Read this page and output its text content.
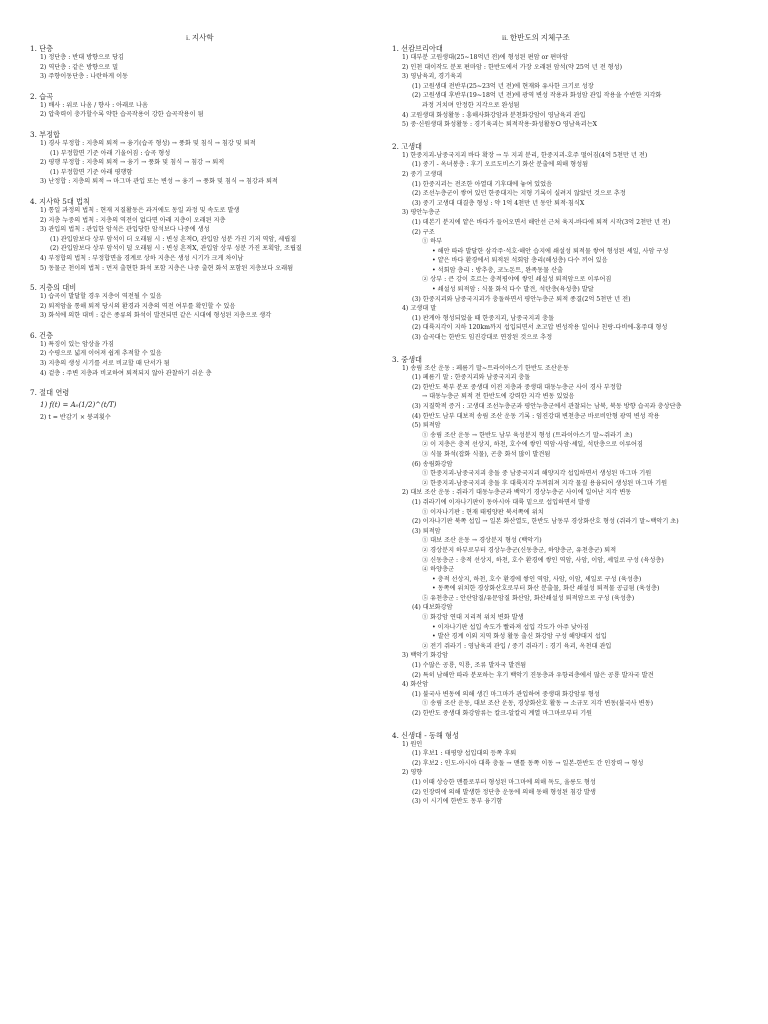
i. 지사학	ii. 한반도의 지체구조
1. 단층
1) 정단층 : 반대 방향으로 당김
2) 역단층 : 같은 방향으로 밀
3) 주향이동단층 : 나란하게 이동
2. 습곡
1) 배사 : 위로 나옴 / 향사 : 아래로 나옴
2) 압축력이 충가할수록 약한 습곡작용이 강한 습곡작용이 됨
3. 부정합
1) 경사 부정합 : 지층의 퇴적 → 융기(습곡 형성) → 풍화 및 침식 → 침강 및 퇴적
(1) 부정합면 기준 아래 기울어짐 : 습곡 형성
2) 평행 부정합 : 지층의 퇴적 → 융기 → 풍화 및 침식 → 침강 → 퇴적
(1) 부정합면 기준 아래 평행함
3) 난정합 : 지층의 퇴적 → 마그마 관입 또는 변성 → 융기 → 풍화 및 침식 → 침강과 퇴적
4. 지사학 5대 법칙
1) 통일 과정의 법칙 : 현재 지질활동은 과거에도 동일 과정 및 속도로 발생
2) 지층 누중의 법칙 : 지층의 역전이 없다면 아래 지층이 오래된 지층
3) 관입의 법칙 : 관입한 암석은 관입당한 암석보다 나중에 생성
(1) 관입암보다 상부 암석이 더 오래됨 시 : 변성 흔적O, 관입암 성분 가진 기저 역암, 세립질
(2) 관입암보다 상부 암석이 덜 오래됨 시 : 변성 흔적X, 관입암 상부 성분 가진 포획암, 조립질
4) 부정합의 법칙 : 부정합면을 경계로 상하 지층은 생성 시기가 크게 차이남
5) 동물군 천이의 법칙 : 먼저 출현한 화석 포함 지층은 나중 출현 화석 포함된 지층보다 오래됨
5. 지층의 대비
1) 습곡이 발달할 경우 지층이 역전될 수 있음
2) 퇴적암을 통해 퇴적 당시의 환경과 지층의 역전 여부를 확인할 수 있음
3) 화석에 의한 대비 : 같은 종류의 화석이 발견되면 같은 시대에 형성된 지층으로 생각
6. 건층
1) 특징이 있는 암상을 가짐
2) 수평으로 넓게 이어져 쉽게 추적할 수 있음
3) 지층의 생성 시기를 서로 비교할 때 단서가 됨
4) 겉층 : 주변 지층과 비교하여 퇴적되지 않아 관찰하기 쉬운 층
7. 절대 연령
1) f(t) = A₀(1/2)^(t/T)
2) t = 반감기 × 붕괴횟수
1. 선캄브리아대
1) 대부분 고원생대(25~18억년 전)에 형성된 편암 or 편마암
2) 인천 대이작도 분포 편마암 : 한반도에서 가장 오래된 암석(약 25억 년 전 형성)
3) 영남육괴, 경기육괴
(1) 고원생대 전반부(25~23억 년 전)에 현재와 유사한 크기로 성장
(2) 고원생대 후반부(19~18억 년 전)에 광역 변성 작용과 화성암 관입 작용을 수반한 지각화
과정 거치며 안정한 지각으로 완성됨
4) 고원생대 화성활동 : 흥해사화강암과 분천화강암이 영남육괴 관입
5) 중·신원생대 화성활동 : 경기육괴는 퇴적작용·화성활동O 영남육괴는X
2. 고생대
1) 한중지괴-남중국지괴 바다 확장 → 두 지괴 분리, 한중지괴-호주 떨어짐(4억 5천만 년 전)
(1) 중기 - 옥녀봉층 : 후기 오르도비스기 화산 분출에 의해 형성됨
2) 중기 고생대
(1) 한중지괴는 전조한 아열대 기후대에 놓여 있었음
(2) 조선누층군이 쌓여 있던 한중대지는 지형 기록이 실려지 않았던 것으로 추정
(3) 중기 고생대 대결층 형성 : 약 1억 4천만 년 동안 퇴적·침식X
3) 평안누층군
(1) 데본기 분지에 얕은 바다가 들어오면서 해안선 근처 육지-바다에 퇴적 시작(3억 2천만 년 전)
(2) 구조
① 하부
• 해안 따라 발달한 삼각주·석호·해안 습지에 쇄설성 퇴적물 쌓여 형성된 셰일, 사암 구성
• 얕은 바다 환경에서 퇴적된 석회암 층리(해성층) 다수 끼어 있음
• 석회암 층리 : 방추충, 코노돈트, 완족동물 산출
② 상부 : 큰 강이 흐르는 충적평야에 쌓인 쇄설성 퇴적암으로 이루어짐
• 쇄설성 퇴적암 : 식물 화석 다수 발견, 석탄층(육성층) 발달
(3) 한중지괴와 남중국지괴가 충돌하면서 평안누층군 퇴적 종결(2억 5천만 년 전)
4) 고생대 말
(1) 판게아 형성되었을 때 한중지괴, 남중국지괴 충돌
(2) 대륙지각이 지하 120km까지 섭입되면서 초고압 변성작용 일어나 친랑-다비에-홍주대 형성
(3) 습곡대는 한반도 임진강대로 연장된 것으로 추정
3. 중생대
1) 송림 조산 운동 : 페름기 말~트라이아스기 한반도 조산운동
(1) 페름기 말 : 한중지괴와 남중국지괴 충돌
(2) 한반도 북부 분포 중생대 이전 지층과 중생대 대동누층군 사이 경사 부정합
→ 대동누층군 퇴적 전 한반도에 강력한 지각 변동 있었음
(3) 지질학적 증거 : 고생대 조선누층군과 평안누층군에서 관찰되는 남북, 북동 방향 습곡과 충상단층
(4) 한반도 남부 대보적 송림 조산 운동 기록 : 임진강대 변천층군 바로비안형 광역 변성 작용
(5) 퇴적암
① 송림 조산 운동 → 한반도 남부 육성분지 형성 (트라이아스기 말~쥐라기 초)
② 이 지층은 충적 선상지, 하천, 호수에 쌓인 역암·사암·셰일, 석탄층으로 이루어짐
③ 식물 화석(잡화 식물), 곤충 화석 많이 발견됨
(6) 송림화강암
① 한중지괴-남중국지괴 충돌 중 남중국지괴 해양지각 섭입하면서 생성된 마그마 기원
② 한중지괴-남중국지괴 충돌 후 대륙지각 두꺼워져 지각 물질 용융되어 생성된 마그마 기원
2) 대보 조산 운동 : 쥐라기 대동누층군과 백악기 경상누층군 사이에 일어난 지각 변동
(1) 쥐라기에 이자나기판이 동아시아 대륙 밑으로 섭입하면서 발생
① 이자나기판 : 현재 태평양판 북서쪽에 위치
(2) 이자나기판 북쪽 섭입 → 일본 화산열도, 한반도 남동부 경상화산호 형성 (쥐라기 말~백악기 초)
(3) 퇴적암
① 대보 조산 운동 → 경상분지 형성 (백악기)
② 경상분지 하부로부터 경상누층군(신동층군, 하양층군, 유천층군) 퇴적
③ 신동층군 : 충적 선상지, 하천, 호수 환경에 쌓인 역암, 사암, 이암, 셰일로 구성 (육성층)
④ 하양층군
• 충적 선상지, 하천, 호수 환경에 쌓인 역암, 사암, 이암, 셰일로 구성 (육성층)
• 동쪽에 위치한 경상화산호로부터 화산 분출물, 화산 쇄설성 퇴적물 공급됨 (육성층)
⑤ 유천층군 : 안산암질/유문암질 화산암, 화산쇄설성 퇴적암으로 구성 (육성층)
(4) 대보화강암
① 화강암 연대 지리적 위치 변화 발생
• 이자나기판 섭입 속도가 빨라져 섭입 각도가 아주 낮아짐
• 발산 경계 이외 지역 화성 활동 출신 화강암 구성 해양대지 섭입
② 전기 쥐라기 : 영남육괴 관입 / 중기 쥐라기 : 경기 육괴, 옥천대 관입
3) 백악기 화강암
(1) 수많은 공룡, 익룡, 조류 발자국 발견됨
(2) 특히 남해안 따라 분포하는 후기 백악기 진동층과 우항리층에서 많은 공룡 발자국 발견
4) 화산암
(1) 불국사 변동에 의해 생긴 마그마가 관입하여 중생대 화강암류 형성
① 송림 조산 운동, 대보 조산 운동, 경상화산호 활동 → 소규모 지각 변동(불국사 변동)
(2) 한반도 중생대 화강암류는 칼크-알칼리 계열 마그마로부터 기원
4. 신생대 - 동해 형성
1) 원인
(1) 후보1 : 태평양 섭입대의 등쪽 후퇴
(2) 후보2 : 인도-아시아 대륙 충돌 → 맨틀 동쪽 이동 → 일본-한반도 간 인장력 → 형성
2) 영향
(1) 이때 상승한 맨틀로부터 형성된 마그마에 의해 독도, 울릉도 형성
(2) 인장력에 의해 발생한 정단층 운동에 의해 동해 형성된 침강 발생
(3) 이 시기에 한반도 동부 융기함
